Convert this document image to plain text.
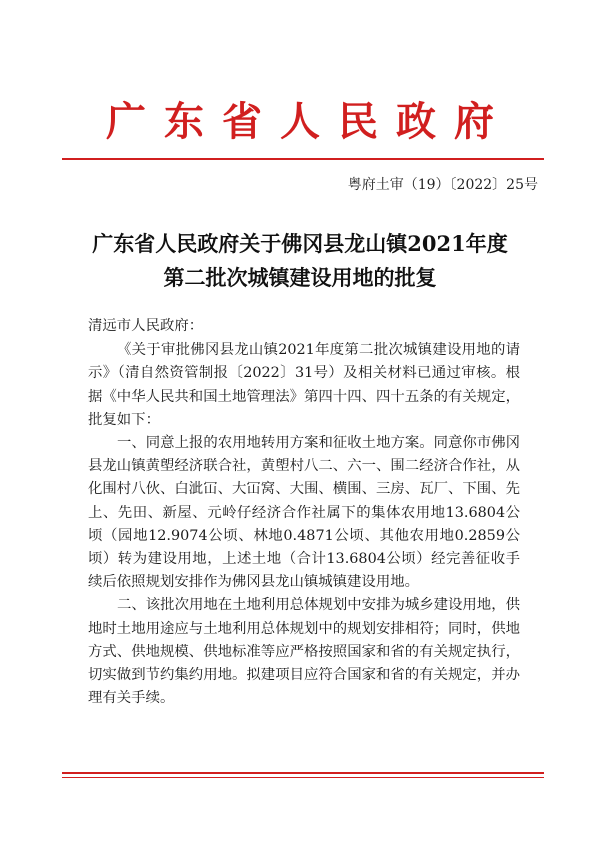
广东省人民政府
粤府土审（19）〔2022〕25号
广东省人民政府关于佛冈县龙山镇2021年度
第二批次城镇建设用地的批复

清远市人民政府：

《关于审批佛冈县龙山镇2021年度第二批次城镇建设用地的请示》（清自然资管制报〔2022〕31号）及相关材料已通过审核。根据《中华人民共和国土地管理法》第四十四、四十五条的有关规定，批复如下：

一、同意上报的农用地转用方案和征收土地方案。同意你市佛冈县龙山镇黄塱经济联合社，黄塱村八二、六一、围二经济合作社，从化围村八伙、白泚冚、大冚窝、大围、横围、三房、瓦厂、下围、先上、先田、新屋、元岭仔经济合作社属下的集体农用地13.6804公顷（园地12.9074公顷、林地0.4871公顷、其他农用地0.2859公顷）转为建设用地，上述土地（合计13.6804公顷）经完善征收手续后依照规划安排作为佛冈县龙山镇城镇建设用地。

二、该批次用地在土地利用总体规划中安排为城乡建设用地，供地时土地用途应与土地利用总体规划中的规划安排相符；同时，供地方式、供地规模、供地标准等应严格按照国家和省的有关规定执行，切实做到节约集约用地。拟建项目应符合国家和省的有关规定，并办理有关手续。
